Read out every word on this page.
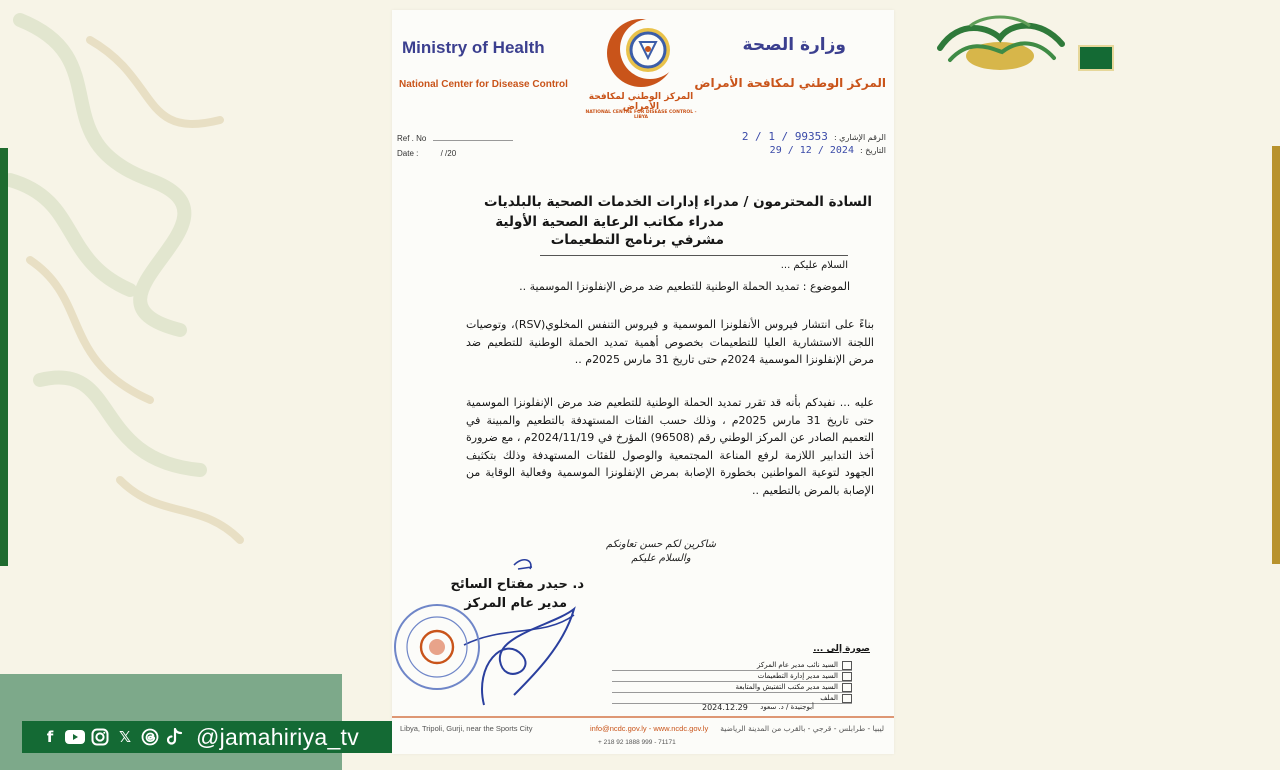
f	𝕏	@jamahiriya_tv
Ministry of Health
National Center for Disease Control
وزارة الصحة
المركز الوطني لمكافحة الأمراض
المركز الوطني لمكافحة الأمراض
NATIONAL CENTRE FOR DISEASE CONTROL - LIBYA
Ref . No
Date :	/ /20
الرقم الإشاري :
99353 / 1 / 2
التاريخ :
2024 / 12 / 29
السادة المحترمون / مدراء إدارات الخدمات الصحية بالبلديات
مدراء مكاتب الرعاية الصحية الأولية
مشرفي برنامج التطعيمات
السلام عليكم ...
الموضوع : تمديد الحملة الوطنية للتطعيم ضد مرض الإنفلونزا الموسمية ..
بناءً على انتشار فيروس الأنفلونزا الموسمية و فيروس التنفس المخلوي(RSV)، وتوصيات اللجنة الاستشارية العليا للتطعيمات بخصوص أهمية تمديد الحملة الوطنية للتطعيم ضد مرض الإنفلونزا الموسمية 2024م حتى تاريخ 31 مارس 2025م ..
عليه ... نفيدكم بأنه قد تقرر تمديد الحملة الوطنية للتطعيم ضد مرض الإنفلونزا الموسمية حتى تاريخ 31 مارس 2025م ، وذلك حسب الفئات المستهدفة بالتطعيم والمبينة في التعميم الصادر عن المركز الوطني رقم (96508) المؤرخ في 2024/11/19م ، مع ضرورة أخذ التدابير اللازمة لرفع المناعة المجتمعية والوصول للفئات المستهدفة وذلك بتكثيف الجهود لتوعية المواطنين بخطورة الإصابة بمرض الإنفلونزا الموسمية وفعالية الوقاية من الإصابة بالمرض بالتطعيم ..
شاكرين لكم حسن تعاونكم
والسلام عليكم
د. حيدر مفتاح السائح
مدير عام المركز
صورة إلى ...
السيد نائب مدير عام المركز
السيد مدير إدارة التطعيمات
السيد مدير مكتب التفتيش والمتابعة
الملف
2024.12.29 أبوجنيدة / د. سعود
Libya, Tripoli, Gurji, near the Sports City	info@ncdc.gov.ly - www.ncdc.gov.ly ليبيا - طرابلس - قرجي - بالقرب من المدينة الرياضية
+ 218 92 1888 999 - 71171
